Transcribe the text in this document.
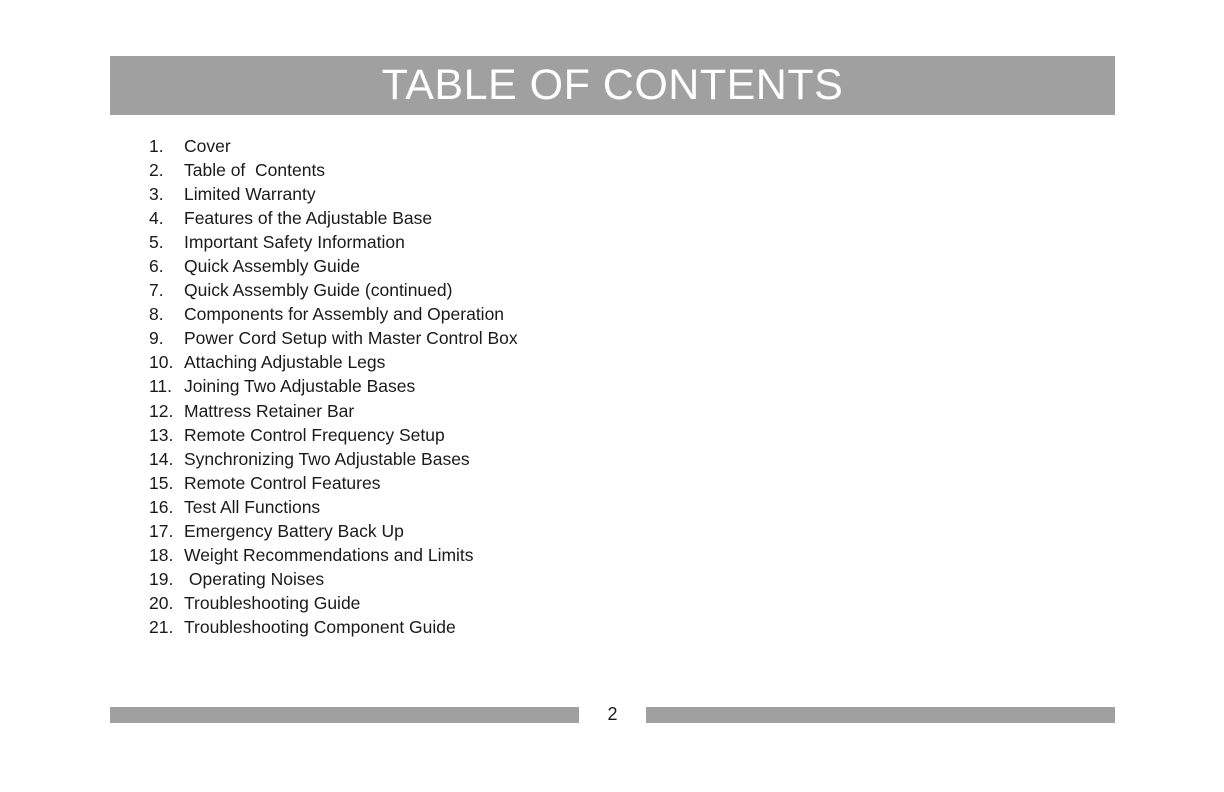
TABLE OF CONTENTS
1.	Cover
2.	Table of  Contents
3.	Limited Warranty
4.	Features of the Adjustable Base
5.	Important Safety Information
6.	Quick Assembly Guide
7.	Quick Assembly Guide (continued)
8.	Components for Assembly and Operation
9.	Power Cord Setup with Master Control Box
10. Attaching Adjustable Legs
11. Joining Two Adjustable Bases
12. Mattress Retainer Bar
13. Remote Control Frequency Setup
14. Synchronizing Two Adjustable Bases
15. Remote Control Features
16. Test All Functions
17. Emergency Battery Back Up
18. Weight Recommendations and Limits
19. Operating Noises
20. Troubleshooting Guide
21. Troubleshooting Component Guide
2
